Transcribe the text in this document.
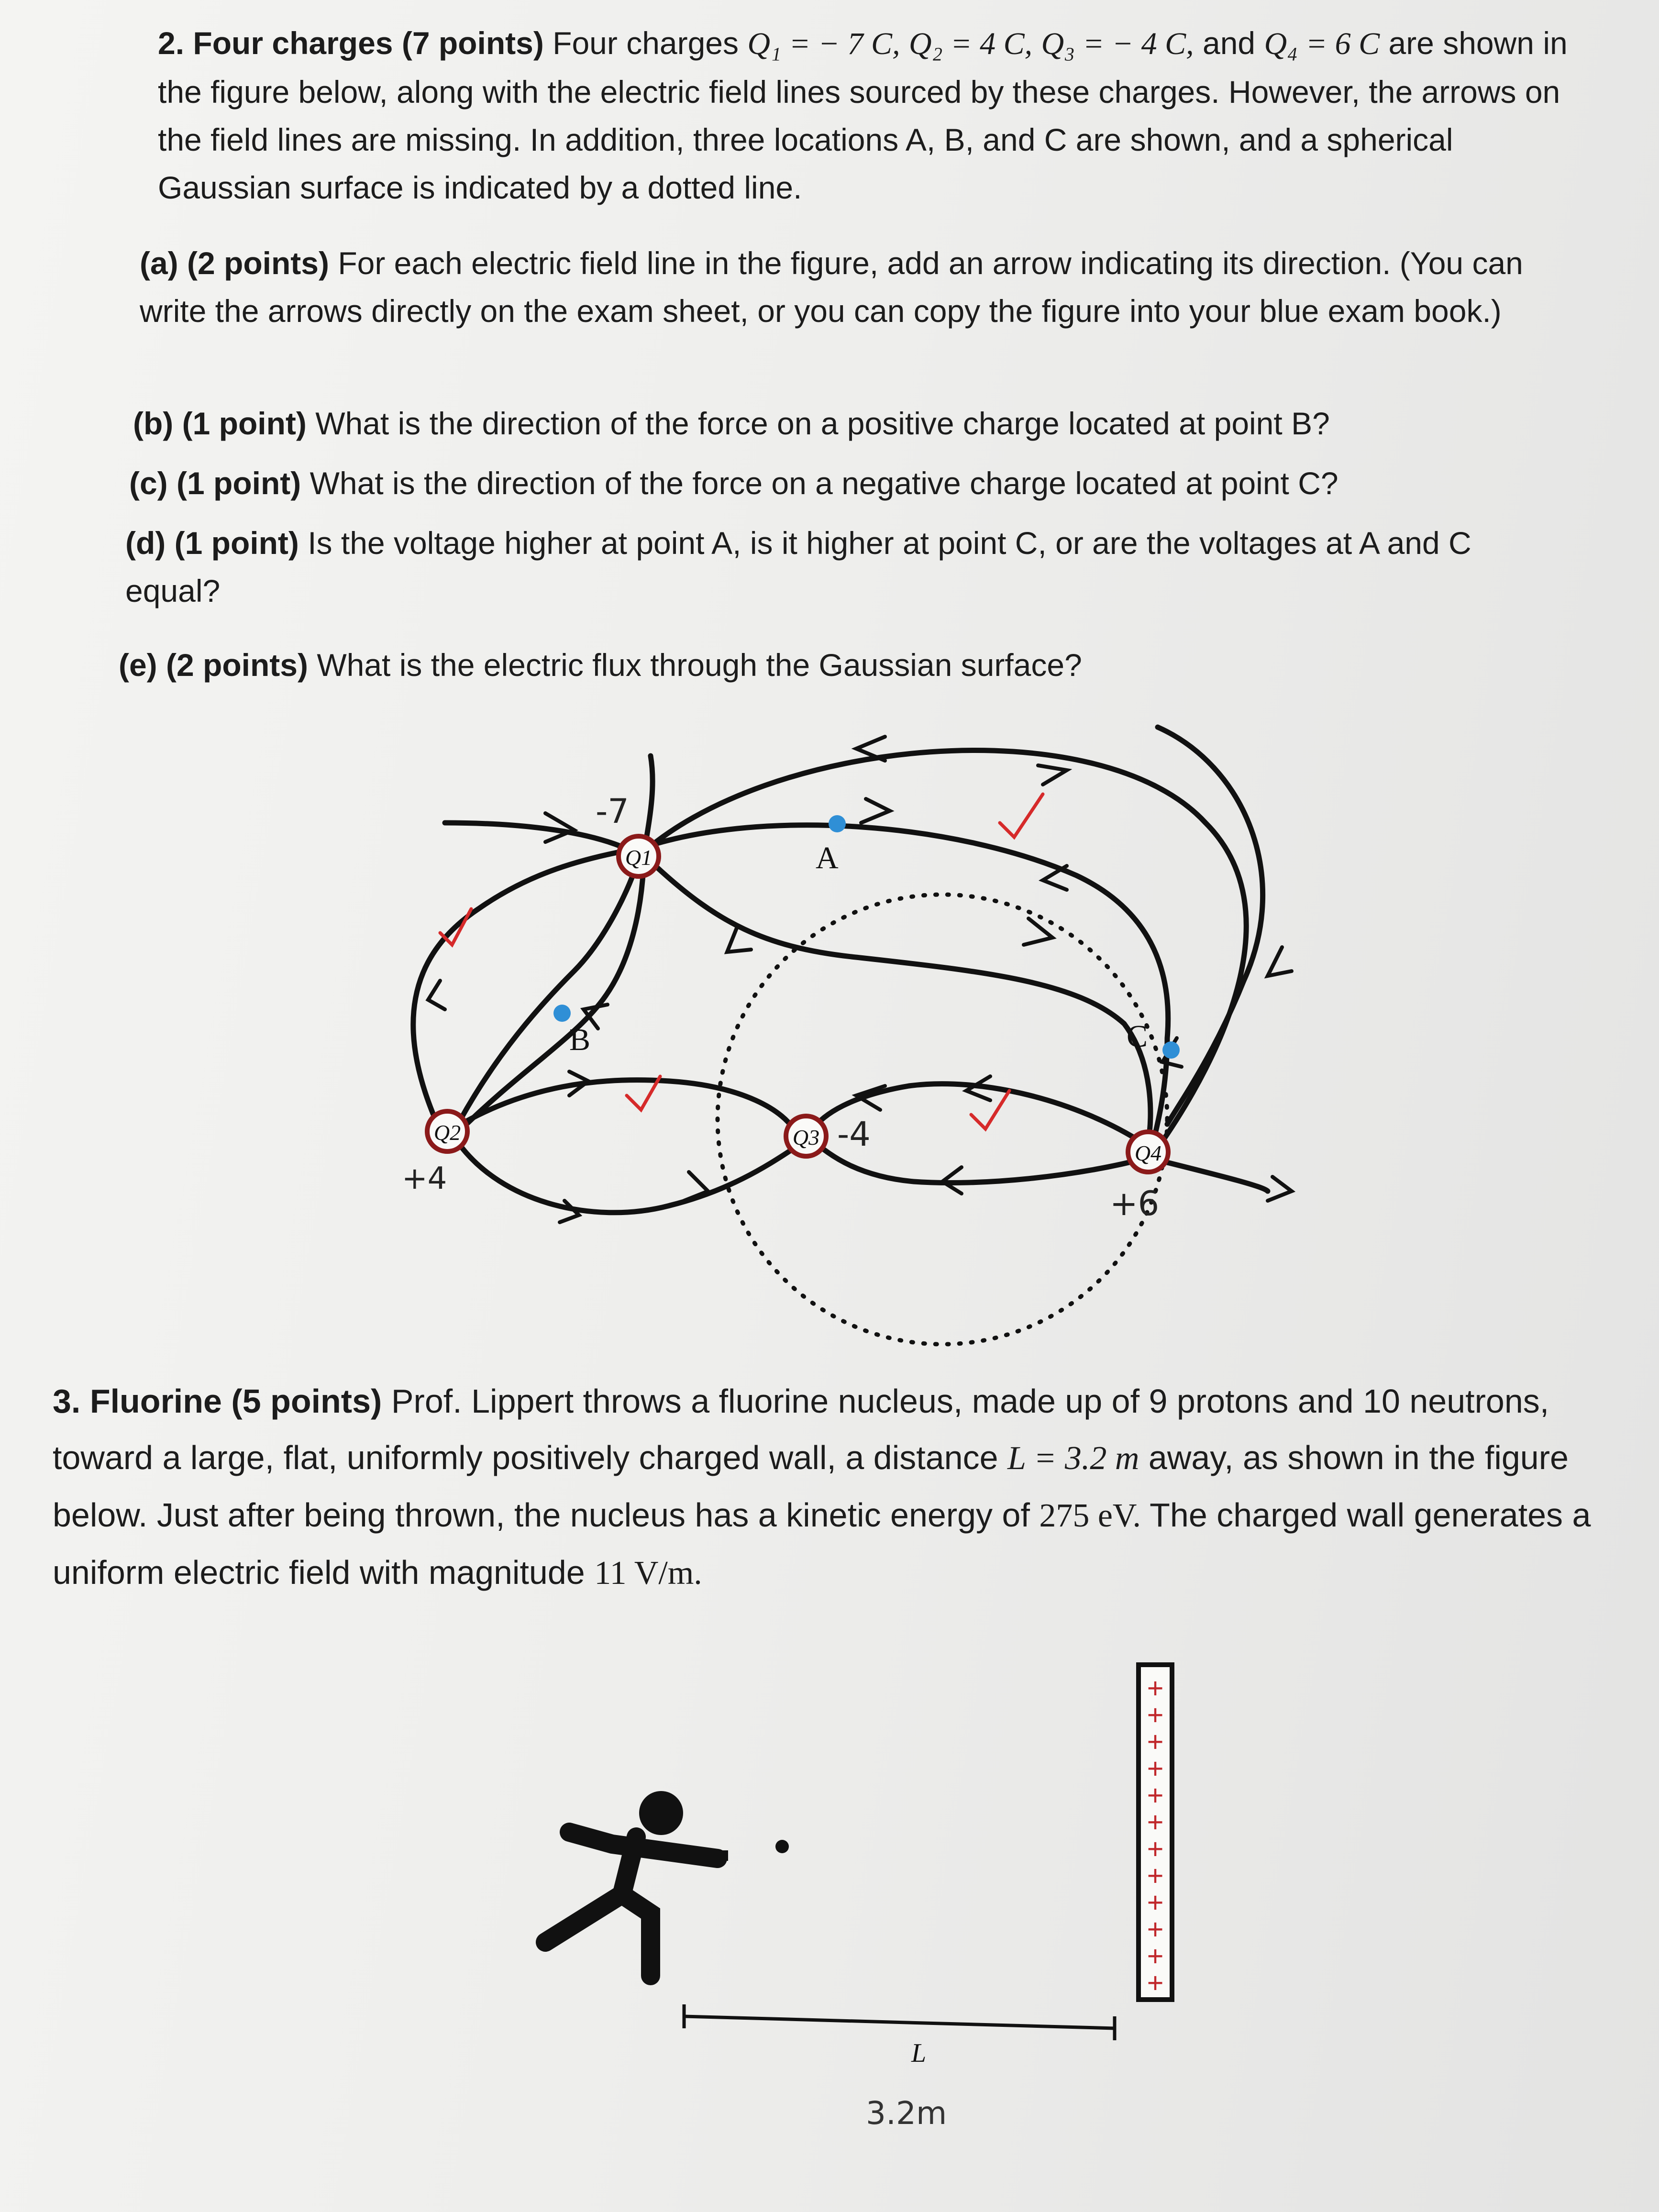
2. Four charges (7 points) Four charges Q₁ = − 7 C, Q₂ = 4 C, Q₃ = − 4 C, and Q₄ = 6 C are shown in the figure below, along with the electric field lines sourced by these charges. However, the arrows on the field lines are missing. In addition, three locations A, B, and C are shown, and a spherical Gaussian surface is indicated by a dotted line.

(a) (2 points) For each electric field line in the figure, add an arrow indicating its direction. (You can write the arrows directly on the exam sheet, or you can copy the figure into your blue exam book.)

(b) (1 point) What is the direction of the force on a positive charge located at point B?

(c) (1 point) What is the direction of the force on a negative charge located at point C?

(d) (1 point) Is the voltage higher at point A, is it higher at point C, or are the voltages at A and C equal?

(e) (2 points) What is the electric flux through the Gaussian surface?

A
B	C
Q1
Q2	Q3
Q4
-7
+4
-4
+6
L
3.2m
+
+
+
+
+
+
+
+
+
+
+
+

3. Fluorine (5 points) Prof. Lippert throws a fluorine nucleus, made up of 9 protons and 10 neutrons, toward a large, flat, uniformly positively charged wall, a distance L = 3.2 m away, as shown in the figure below. Just after being thrown, the nucleus has a kinetic energy of 275 eV. The charged wall generates a uniform electric field with magnitude 11 V/m.
